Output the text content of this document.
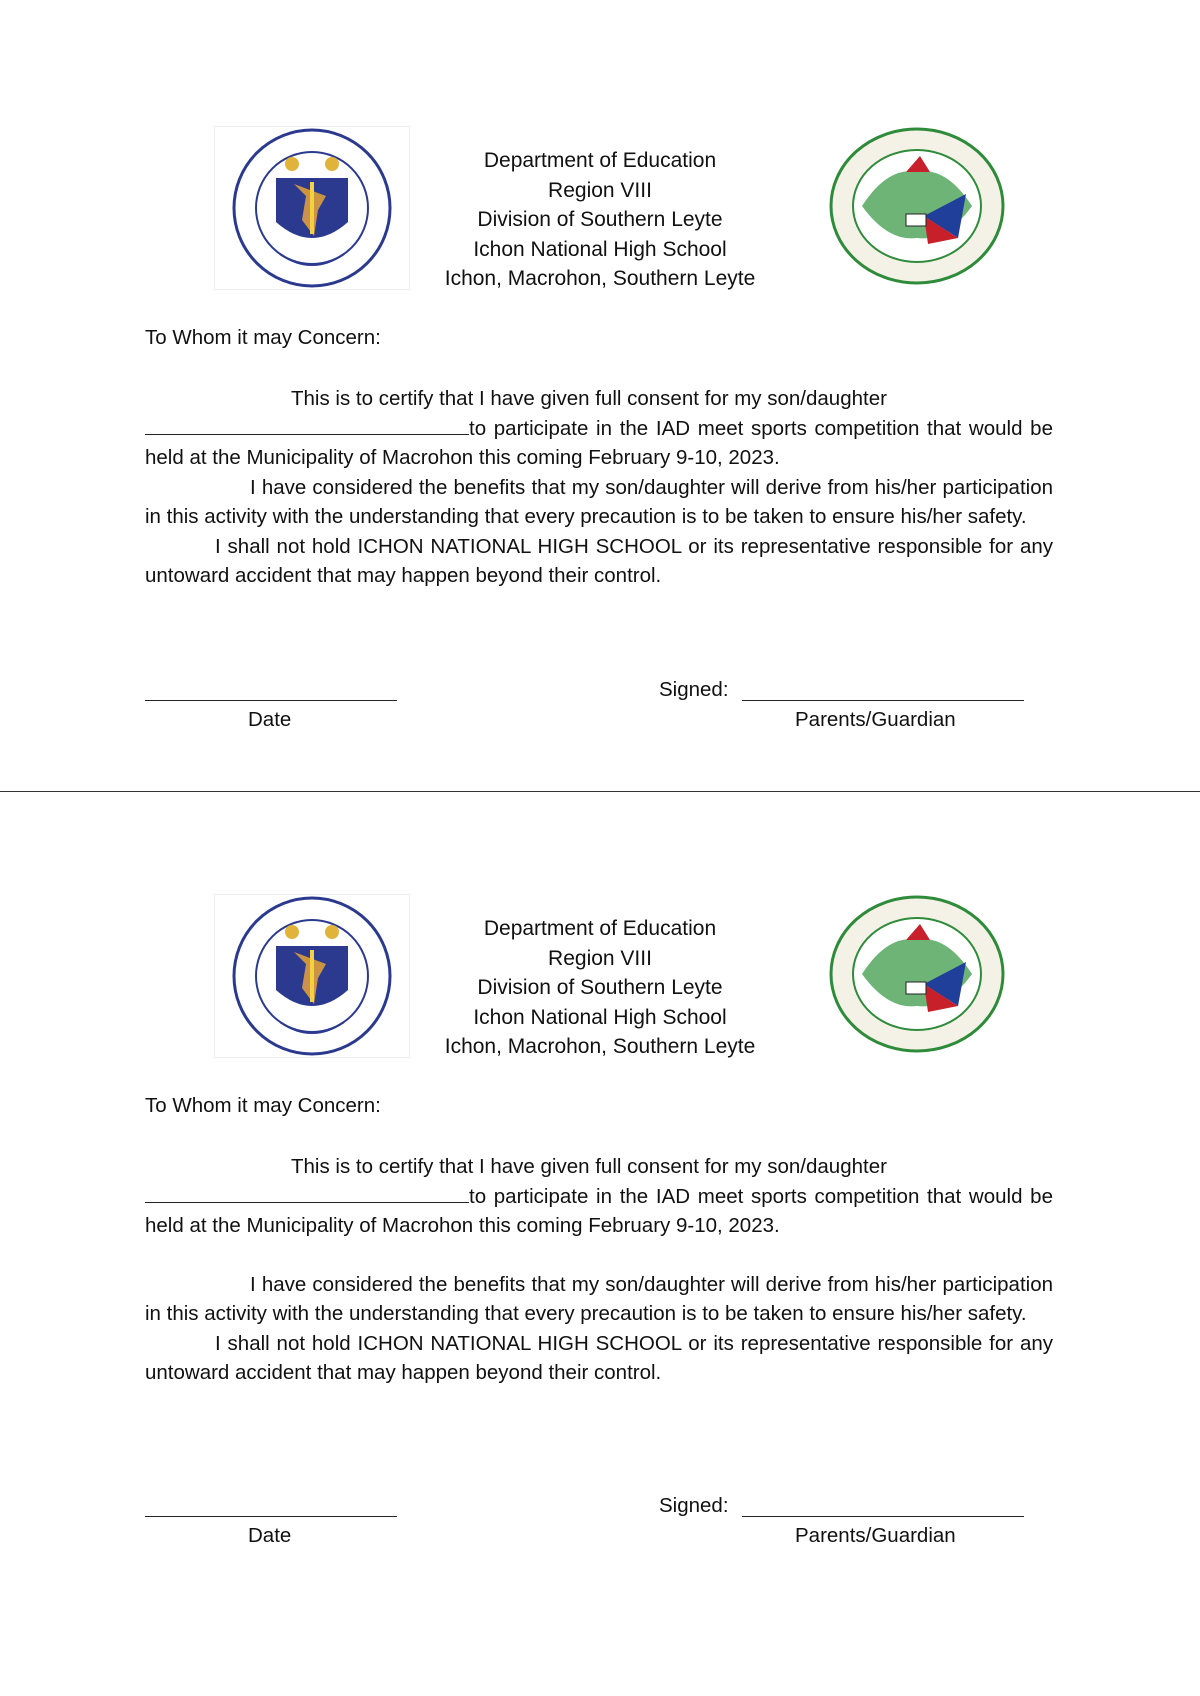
Department of Education
Region VIII
Division of Southern Leyte
Ichon National High School
Ichon, Macrohon, Southern Leyte
To Whom it may Concern:

This is to certify that I have given full consent for my son/daughter

to participate in the IAD meet sports competition that would be held at the Municipality of Macrohon this coming February 9-10, 2023.

I have considered the benefits that my son/daughter will derive from his/her participation in this activity with the understanding that every precaution is to be taken to ensure his/her safety.

I shall not hold ICHON NATIONAL HIGH SCHOOL or its representative responsible for any untoward accident that may happen beyond their control.

Date
Signed:
Parents/Guardian
Department of Education
Region VIII
Division of Southern Leyte
Ichon National High School
Ichon, Macrohon, Southern Leyte
To Whom it may Concern:

This is to certify that I have given full consent for my son/daughter

to participate in the IAD meet sports competition that would be held at the Municipality of Macrohon this coming February 9-10, 2023.

I have considered the benefits that my son/daughter will derive from his/her participation in this activity with the understanding that every precaution is to be taken to ensure his/her safety.

I shall not hold ICHON NATIONAL HIGH SCHOOL or its representative responsible for any untoward accident that may happen beyond their control.

Date
Signed:
Parents/Guardian
